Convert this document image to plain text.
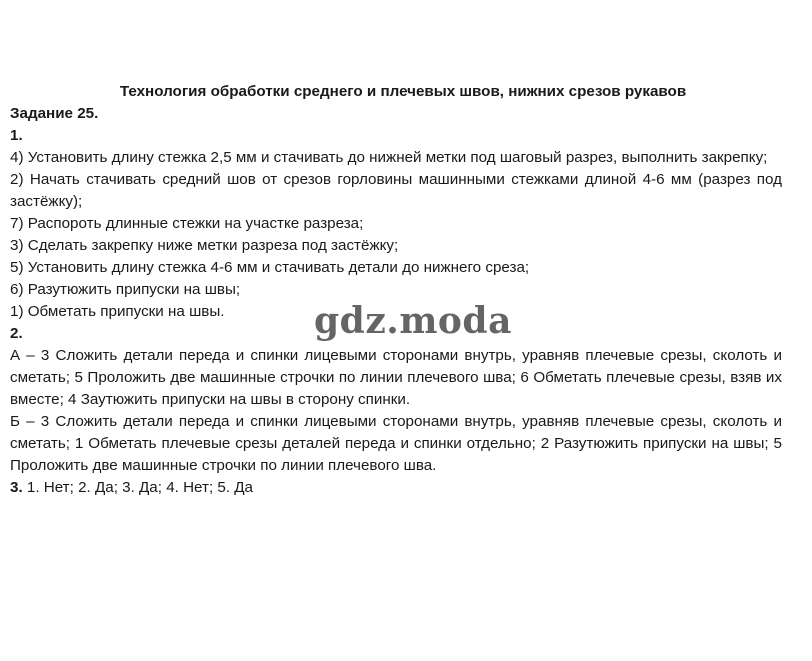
Технология обработки среднего и плечевых швов, нижних срезов рукавов
Задание 25.
1.
4) Установить длину стежка 2,5 мм и стачивать до нижней метки под шаговый разрез, выполнить закрепку;
2) Начать стачивать средний шов от срезов горловины машинными стежками длиной 4-6 мм (разрез под застёжку);
7) Распороть длинные стежки на участке разреза;
3) Сделать закрепку ниже метки разреза под застёжку;
5) Установить длину стежка 4-6 мм и стачивать детали до нижнего среза;
6) Разутюжить припуски на швы;
1) Обметать припуски на швы.
2.
А – 3 Сложить детали переда и спинки лицевыми сторонами внутрь, уравняв плечевые срезы, сколоть и сметать; 5 Проложить две машинные строчки по линии плечевого шва; 6 Обметать плечевые срезы, взяв их вместе; 4 Заутюжить припуски на швы в сторону спинки.
Б – 3 Сложить детали переда и спинки лицевыми сторонами внутрь, уравняв плечевые срезы, сколоть и сметать; 1 Обметать плечевые срезы деталей переда и спинки отдельно; 2 Разутюжить припуски на швы; 5 Проложить две машинные строчки по линии плечевого шва.
3. 1. Нет; 2. Да; 3. Да; 4. Нет; 5. Да
gdz.moda
